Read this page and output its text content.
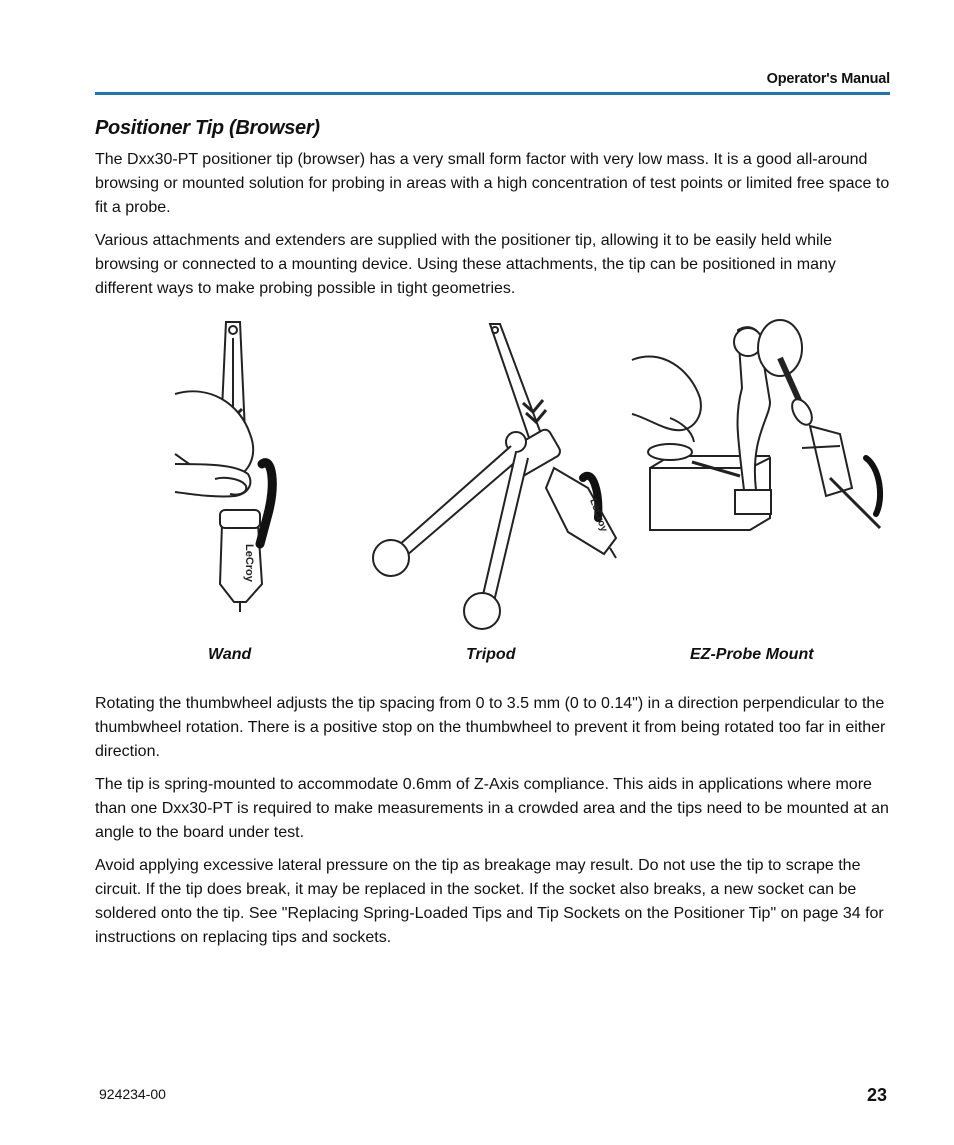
Operator's Manual
Positioner Tip (Browser)

The Dxx30-PT positioner tip (browser) has a very small form factor with very low mass. It is a good all-around browsing or mounted solution for probing in areas with a high concentration of test points or limited free space to fit a probe.

Various attachments and extenders are supplied with the positioner tip, allowing it to be easily held while browsing or connected to a mounting device. Using these attachments, the tip can be positioned in many different ways to make probing possible in tight geometries.

LeCroy
LeCroy
Wand	Tripod	EZ-Probe Mount

Rotating the thumbwheel adjusts the tip spacing from 0 to 3.5 mm (0 to 0.14") in a direction perpendicular to the thumbwheel rotation. There is a positive stop on the thumbwheel to prevent it from being rotated too far in either direction.

The tip is spring-mounted to accommodate 0.6mm of Z-Axis compliance. This aids in applications where more than one Dxx30-PT is required to make measurements in a crowded area and the tips need to be mounted at an angle to the board under test.

Avoid applying excessive lateral pressure on the tip as breakage may result. Do not use the tip to scrape the circuit. If the tip does break, it may be replaced in the socket. If the socket also breaks, a new socket can be soldered onto the tip. See "Replacing Spring-Loaded Tips and Tip Sockets on the Positioner Tip" on page 34 for instructions on replacing tips and sockets.

924234-00	23
